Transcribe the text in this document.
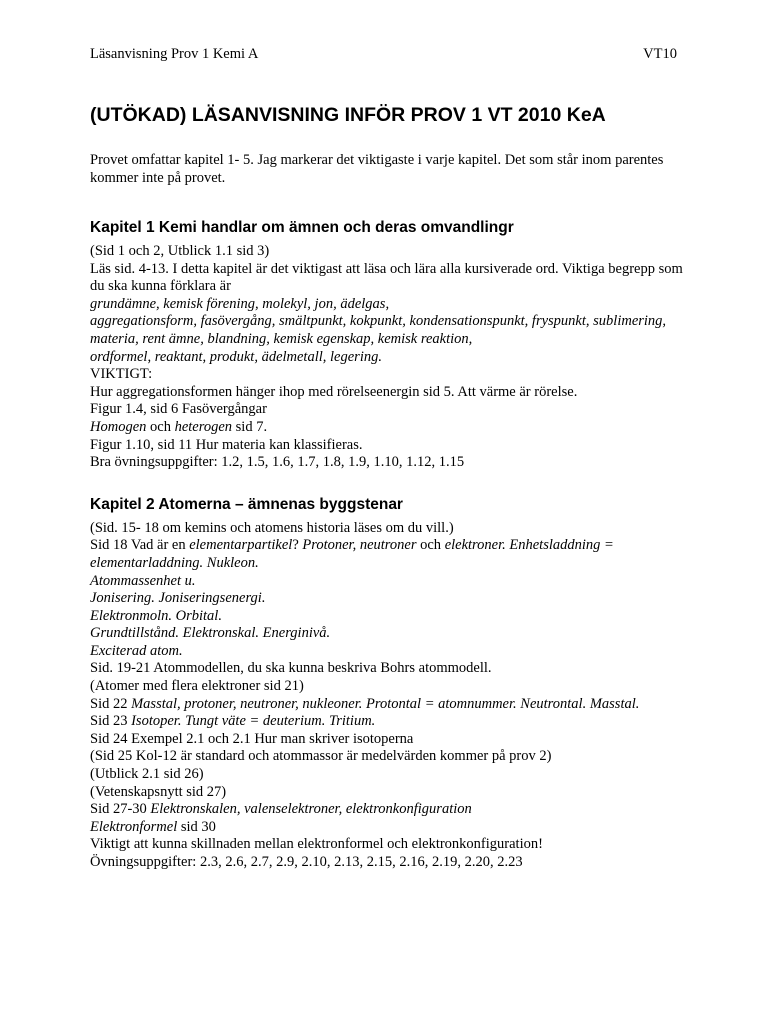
Läsanvisning Prov 1 Kemi A	VT10
(UTÖKAD) LÄSANVISNING INFÖR PROV 1 VT 2010 KeA

Provet omfattar kapitel 1- 5. Jag markerar det viktigaste i varje kapitel. Det som står inom parentes kommer inte på provet.

Kapitel 1 Kemi handlar om ämnen och deras omvandlingr
(Sid 1 och 2, Utblick 1.1 sid 3)
Läs sid. 4-13. I detta kapitel är det viktigast att läsa och lära alla kursiverade ord. Viktiga begrepp som du ska kunna förklara är
grundämne, kemisk förening, molekyl, jon, ädelgas,
aggregationsform, fasövergång, smältpunkt, kokpunkt, kondensationspunkt, fryspunkt, sublimering,
materia, rent ämne, blandning, kemisk egenskap, kemisk reaktion,
ordformel, reaktant, produkt, ädelmetall, legering.
VIKTIGT:
Hur aggregationsformen hänger ihop med rörelseenergin sid 5. Att värme är rörelse.
Figur 1.4, sid 6 Fasövergångar
Homogen och heterogen sid 7.
Figur 1.10, sid 11 Hur materia kan klassifieras.
Bra övningsuppgifter: 1.2, 1.5, 1.6, 1.7, 1.8, 1.9, 1.10, 1.12, 1.15
Kapitel 2 Atomerna – ämnenas byggstenar
(Sid. 15- 18 om kemins och atomens historia läses om du vill.)
Sid 18 Vad är en elementarpartikel? Protoner, neutroner och elektroner. Enhetsladdning = elementarladdning. Nukleon.
Atommassenhet u.
Jonisering. Joniseringsenergi.
Elektronmoln. Orbital.
Grundtillstånd. Elektronskal. Energinivå.
Exciterad atom.
Sid. 19-21 Atommodellen, du ska kunna beskriva Bohrs atommodell.
(Atomer med flera elektroner sid 21)
Sid 22 Masstal, protoner, neutroner, nukleoner. Protontal = atomnummer. Neutrontal. Masstal.
Sid 23 Isotoper. Tungt väte = deuterium. Tritium.
Sid 24 Exempel 2.1 och 2.1 Hur man skriver isotoperna
(Sid 25 Kol-12 är standard och atommassor är medelvärden kommer på prov 2)
(Utblick 2.1 sid 26)
(Vetenskapsnytt sid 27)
Sid 27-30 Elektronskalen, valenselektroner, elektronkonfiguration
Elektronformel sid 30
Viktigt att kunna skillnaden mellan elektronformel och elektronkonfiguration!
Övningsuppgifter: 2.3, 2.6, 2.7, 2.9, 2.10, 2.13, 2.15, 2.16, 2.19, 2.20, 2.23
